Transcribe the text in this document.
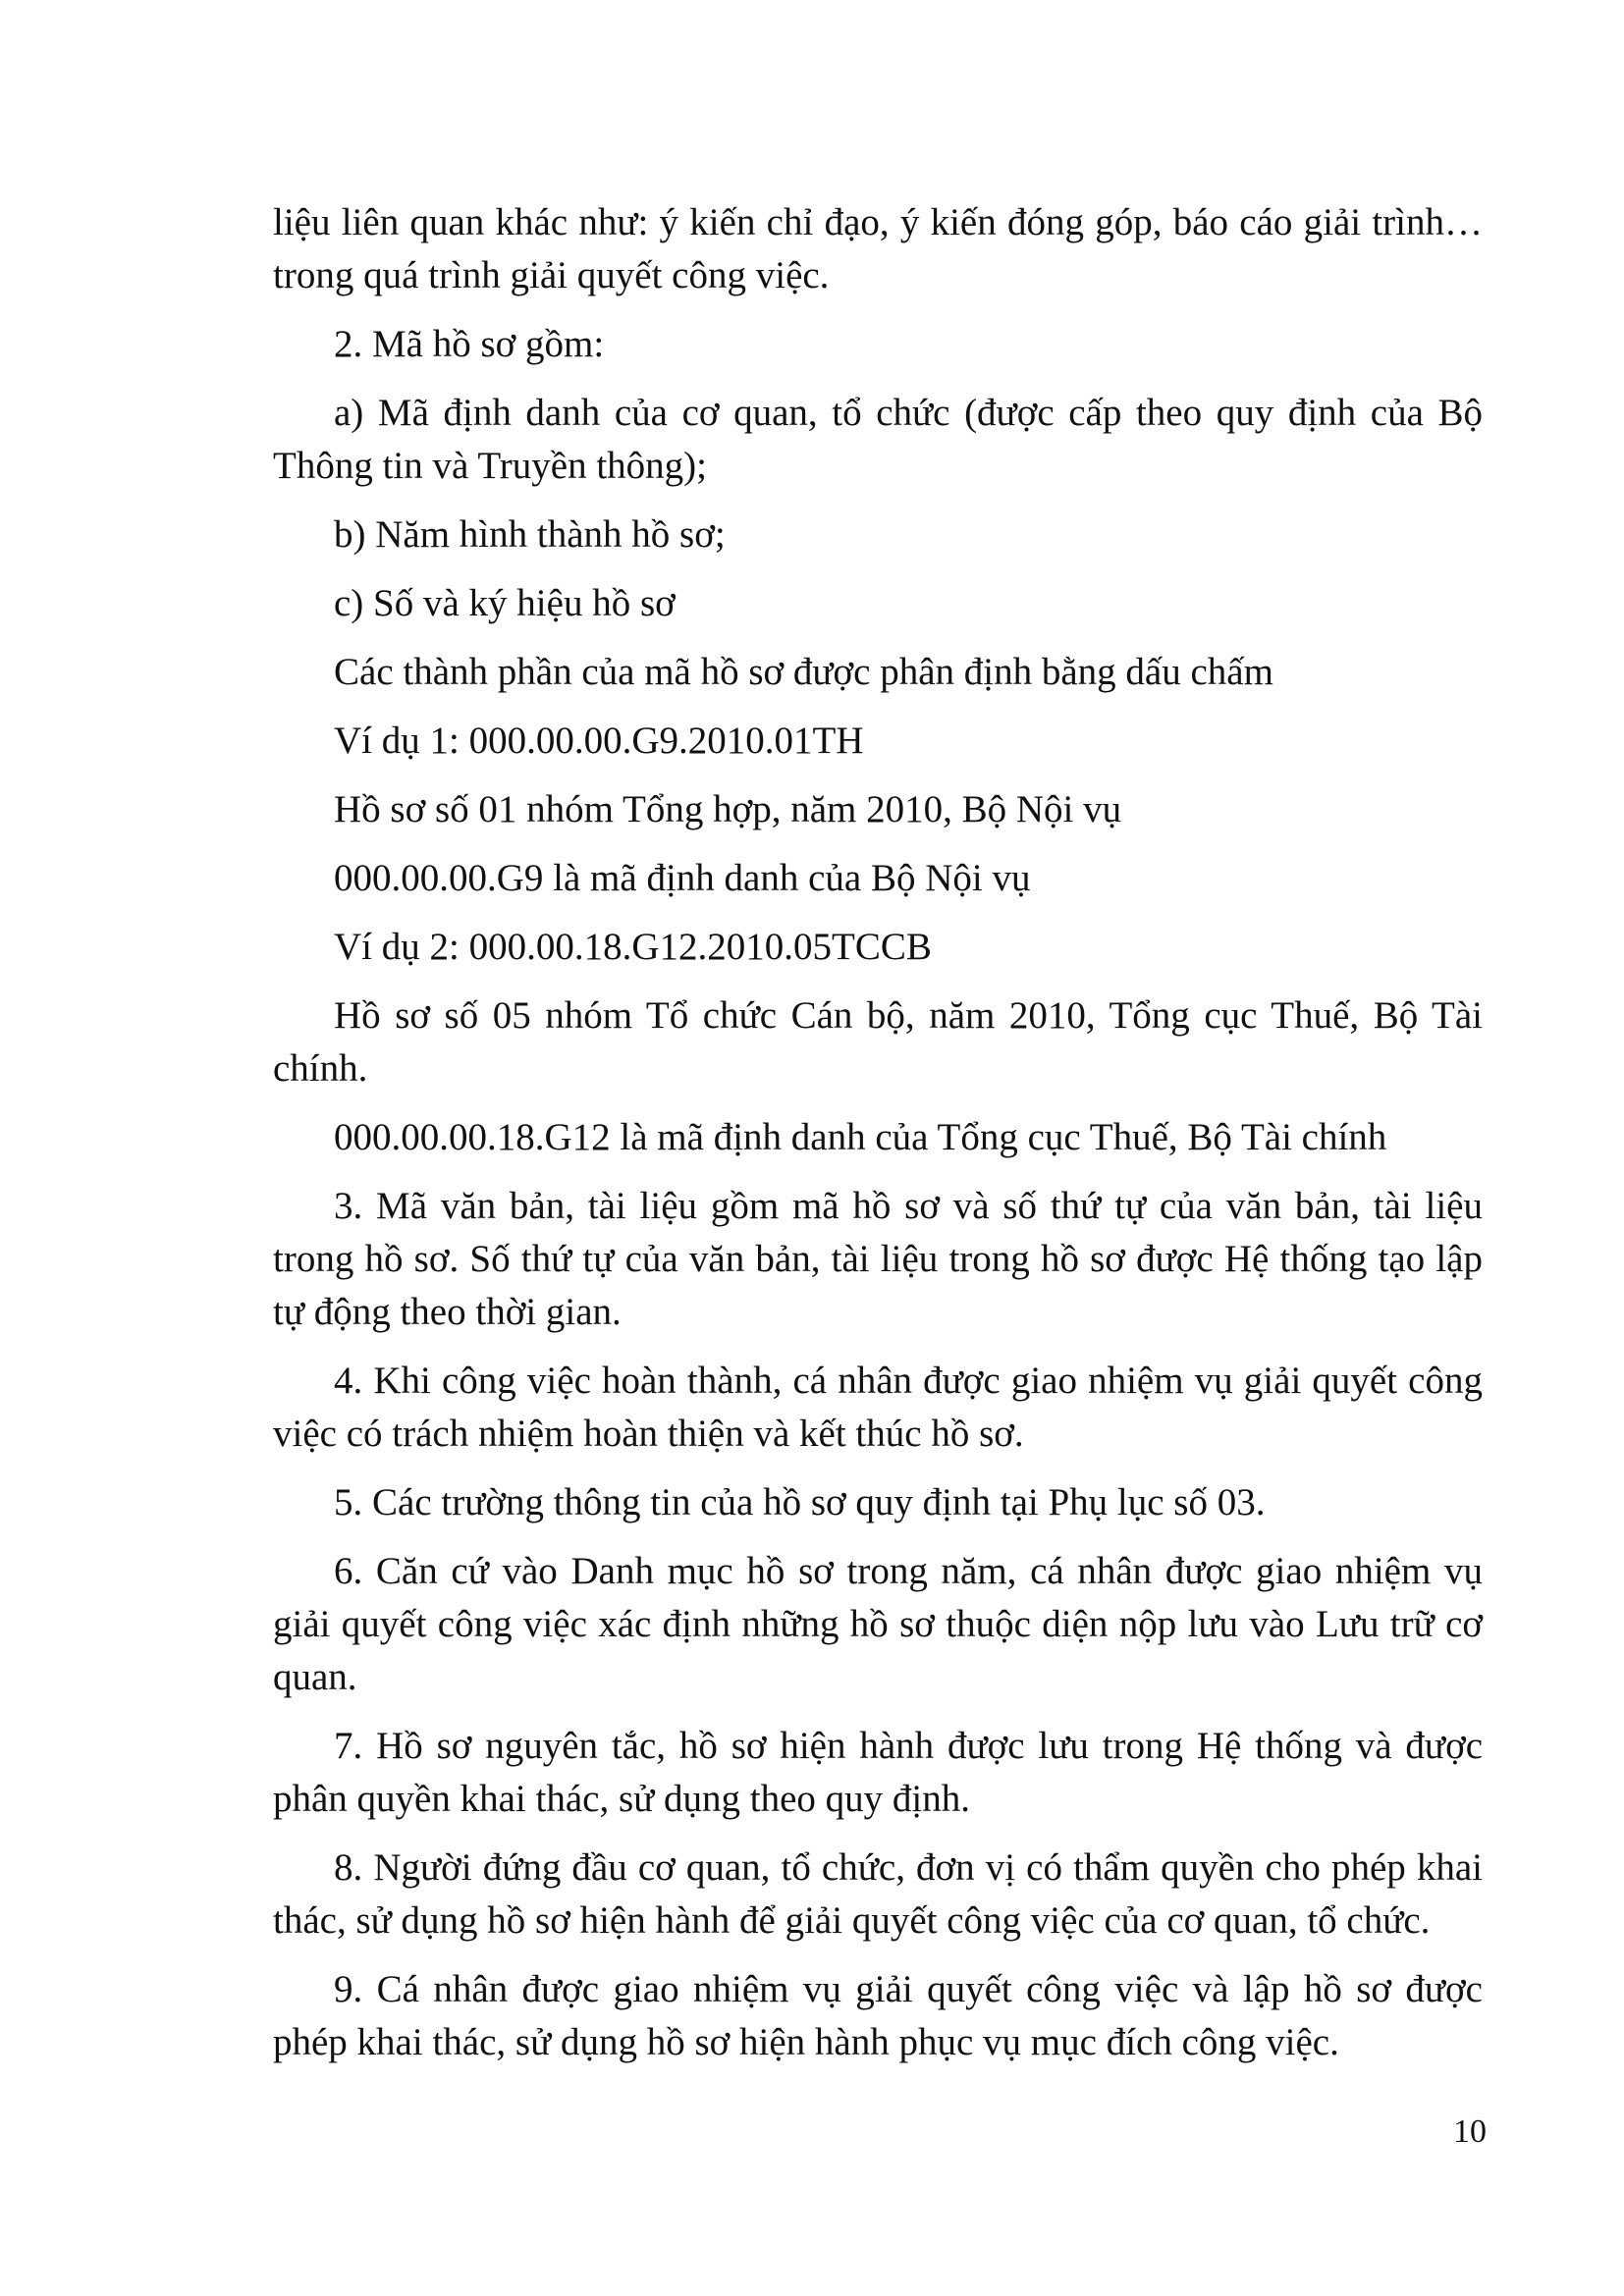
liệu liên quan khác như: ý kiến chỉ đạo, ý kiến đóng góp, báo cáo giải trình… trong quá trình giải quyết công việc.

2. Mã hồ sơ gồm:

a) Mã định danh của cơ quan, tổ chức (được cấp theo quy định của Bộ Thông tin và Truyền thông);

b) Năm hình thành hồ sơ;

c) Số và ký hiệu hồ sơ

Các thành phần của mã hồ sơ được phân định bằng dấu chấm

Ví dụ 1: 000.00.00.G9.2010.01TH

Hồ sơ số 01 nhóm Tổng hợp, năm 2010, Bộ Nội vụ

000.00.00.G9 là mã định danh của Bộ Nội vụ

Ví dụ 2: 000.00.18.G12.2010.05TCCB

Hồ sơ số 05 nhóm Tổ chức Cán bộ, năm 2010, Tổng cục Thuế, Bộ Tài chính.

000.00.00.18.G12 là mã định danh của Tổng cục Thuế, Bộ Tài chính

3. Mã văn bản, tài liệu gồm mã hồ sơ và số thứ tự của văn bản, tài liệu trong hồ sơ. Số thứ tự của văn bản, tài liệu trong hồ sơ được Hệ thống tạo lập tự động theo thời gian.

4. Khi công việc hoàn thành, cá nhân được giao nhiệm vụ giải quyết công việc có trách nhiệm hoàn thiện và kết thúc hồ sơ.

5. Các trường thông tin của hồ sơ quy định tại Phụ lục số 03.

6. Căn cứ vào Danh mục hồ sơ trong năm, cá nhân được giao nhiệm vụ giải quyết công việc xác định những hồ sơ thuộc diện nộp lưu vào Lưu trữ cơ quan.

7. Hồ sơ nguyên tắc, hồ sơ hiện hành được lưu trong Hệ thống và được phân quyền khai thác, sử dụng theo quy định.

8. Người đứng đầu cơ quan, tổ chức, đơn vị có thẩm quyền cho phép khai thác, sử dụng hồ sơ hiện hành để giải quyết công việc của cơ quan, tổ chức.

9. Cá nhân được giao nhiệm vụ giải quyết công việc và lập hồ sơ được phép khai thác, sử dụng hồ sơ hiện hành phục vụ mục đích công việc.

10
